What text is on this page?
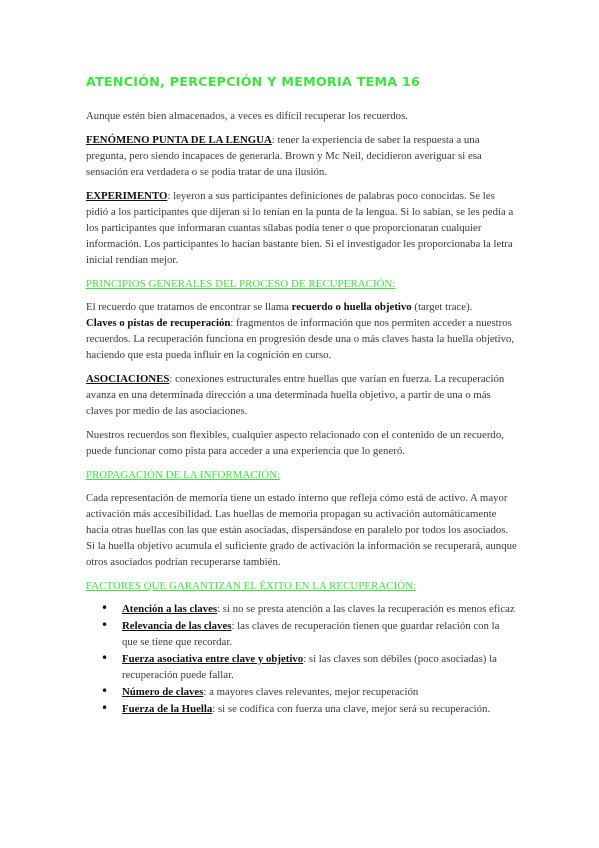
ATENCIÓN, PERCEPCIÓN Y MEMORIA TEMA 16

Aunque estén bien almacenados, a veces es difícil recuperar los recuerdos.

FENÓMENO PUNTA DE LA LENGUA: tener la experiencia de saber la respuesta a una pregunta, pero siendo incapaces de generarla. Brown y Mc Neil, decidieron averiguar si esa sensación era verdadera o se podía tratar de una ilusión.

EXPERIMENTO: leyeron a sus participantes definiciones de palabras poco conocidas. Se les pidió a los participantes que dijeran si lo tenían en la punta de la lengua. Si lo sabían, se les pedía a los participantes que informaran cuantas sílabas podía tener o que proporcionaran cualquier información. Los participantes lo hacían bastante bien. Si el investigador les proporcionaba la letra inicial rendían mejor.

PRINCIPIOS GENERALES DEL PROCESO DE RECUPERACIÓN:

El recuerdo que tratamos de encontrar se llama recuerdo o huella objetivo (target trace).

Claves o pistas de recuperación: fragmentos de información que nos permiten acceder a nuestros recuerdos. La recuperación funciona en progresión desde una o más claves hasta la huella objetivo, haciendo que esta pueda influir en la cognición en curso.

ASOCIACIONES: conexiones estructurales entre huellas que varían en fuerza. La recuperación avanza en una determinada dirección a una determinada huella objetivo, a partir de una o más claves por medio de las asociaciones.

Nuestros recuerdos son flexibles, cualquier aspecto relacionado con el contenido de un recuerdo, puede funcionar como pista para acceder a una experiencia que lo generó.

PROPAGACIÓN DE LA INFORMACIÓN:

Cada representación de memoria tiene un estado interno que refleja cómo está de activo. A mayor activación más accesibilidad. Las huellas de memoria propagan su activación automáticamente hacia otras huellas con las que están asociadas, dispersándose en paralelo por todos los asociados. Si la huella objetivo acumula el suficiente grado de activación la información se recuperará, aunque otros asociados podrían recuperarse también.

FACTORES QUE GARANTIZAN EL ÉXITO EN LA RECUPERACIÓN:
• Atención a las claves: si no se presta atención a las claves la recuperación es menos eficaz
• Relevancia de las claves: las claves de recuperación tienen que guardar relación con la que se tiene que recordar.
• Fuerza asociativa entre clave y objetivo: si las claves son débiles (poco asociadas) la recuperación puede fallar.
• Número de claves: a mayores claves relevantes, mejor recuperación
• Fuerza de la Huella: si se codifica con fuerza una clave, mejor será su recuperación.
